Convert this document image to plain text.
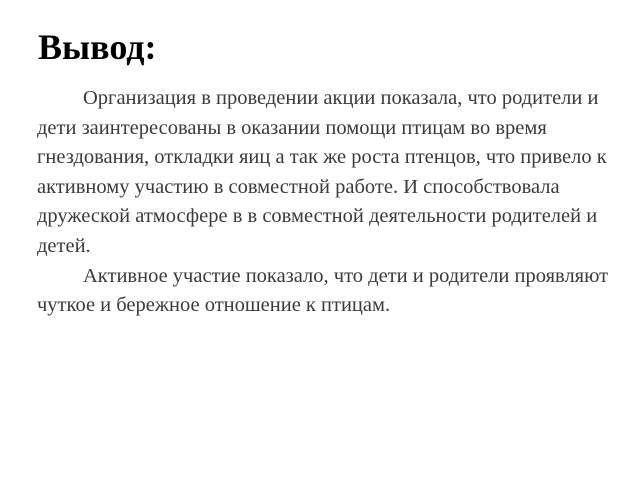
Вывод:

Организация в проведении акции показала, что родители и дети заинтересованы в оказании помощи птицам во время гнездования, откладки яиц а так же роста птенцов, что привело к активному участию в совместной работе. И способствовала дружеской атмосфере в в совместной деятельности родителей и детей.

Активное участие показало, что дети и родители проявляют чуткое и бережное отношение к птицам.
